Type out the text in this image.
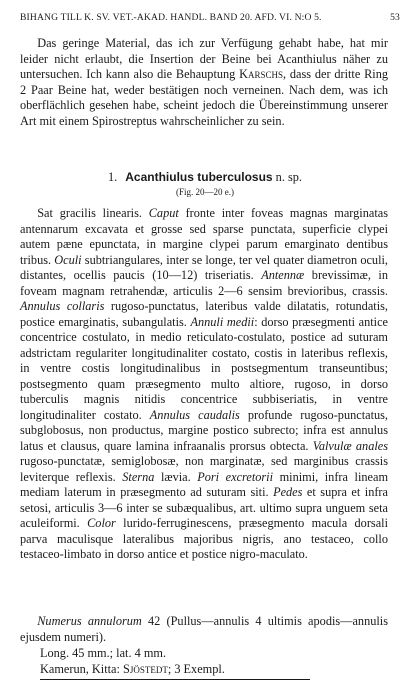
BIHANG TILL K. SV. VET.-AKAD. HANDL. BAND 20. AFD. VI. N:O 5.	53

Das geringe Material, das ich zur Verfügung gehabt habe, hat mir leider nicht erlaubt, die Insertion der Beine bei Acanthiulus näher zu untersuchen. Ich kann also die Behauptung Karschs, dass der dritte Ring 2 Paar Beine hat, weder bestätigen noch verneinen. Nach dem, was ich oberflächlich gesehen habe, scheint jedoch die Übereinstimmung unserer Art mit einem Spirostreptus wahrscheinlicher zu sein.

1. Acanthiulus tuberculosus n. sp.
(Fig. 20—20 e.)

Sat gracilis linearis. Caput fronte inter foveas magnas marginatas antennarum excavata et grosse sed sparse punctata, superficie clypei autem pæne epunctata, in margine clypei parum emarginato dentibus tribus. Oculi subtriangulares, inter se longe, ter vel quater diametron oculi, distantes, ocellis paucis (10—12) triseriatis. Antennæ brevissimæ, in foveam magnam retrahendæ, articulis 2—6 sensim brevioribus, crassis. Annulus collaris rugoso-punctatus, lateribus valde dilatatis, rotundatis, postice emarginatis, subangulatis. Annuli medii: dorso præsegmenti antice concentrice costulato, in medio reticulato-costulato, postice ad suturam adstrictam regulariter longitudinaliter costato, costis in lateribus reflexis, in ventre costis longitudinalibus in postsegmentum transeuntibus; postsegmento quam præsegmento multo altiore, rugoso, in dorso tuberculis magnis nitidis concentrice subbiseriatis, in ventre longitudinaliter costato. Annulus caudalis profunde rugoso-punctatus, subglobosus, non productus, margine postico subrecto; infra est annulus latus et clausus, quare lamina infraanalis prorsus obtecta. Valvulæ anales rugoso-punctatæ, semiglobosæ, non marginatæ, sed marginibus crassis leviterque reflexis. Sterna lævia. Pori excretorii minimi, infra lineam mediam laterum in præsegmento ad suturam siti. Pedes et supra et infra setosi, articulis 3—6 inter se subæqualibus, art. ultimo supra unguem seta aculeiformi. Color lurido-ferruginescens, præsegmento macula dorsali parva maculisque lateralibus majoribus nigris, ano testaceo, collo testaceo-limbato in dorso antice et postice nigro-maculato.

Numerus annulorum 42 (Pullus—annulis 4 ultimis apodis—annulis ejusdem numeri).

Long. 45 mm.; lat. 4 mm.
Kamerun, Kitta: Sjöstedt; 3 Exempl.
